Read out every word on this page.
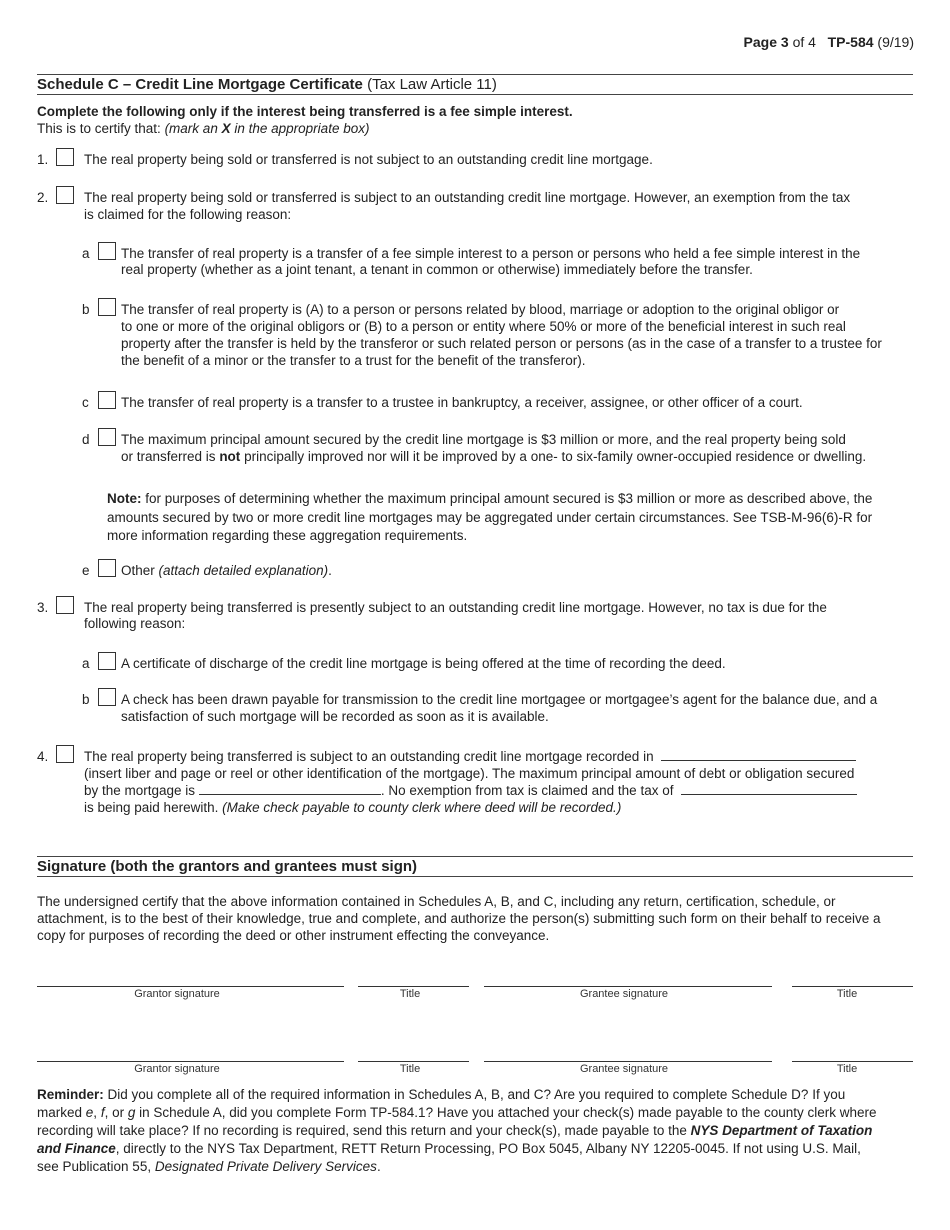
Page 3 of 4 TP-584 (9/19)
Schedule C – Credit Line Mortgage Certificate (Tax Law Article 11)
Complete the following only if the interest being transferred is a fee simple interest.
This is to certify that: (mark an X in the appropriate box)
1.	The real property being sold or transferred is not subject to an outstanding credit line mortgage.
2.	The real property being sold or transferred is subject to an outstanding credit line mortgage. However, an exemption from the tax
is claimed for the following reason:
a The transfer of real property is a transfer of a fee simple interest to a person or persons who held a fee simple interest in the
real property (whether as a joint tenant, a tenant in common or otherwise) immediately before the transfer.
b The transfer of real property is (A) to a person or persons related by blood, marriage or adoption to the original obligor or
to one or more of the original obligors or (B) to a person or entity where 50% or more of the beneficial interest in such real
property after the transfer is held by the transferor or such related person or persons (as in the case of a transfer to a trustee for
the benefit of a minor or the transfer to a trust for the benefit of the transferor).
c The transfer of real property is a transfer to a trustee in bankruptcy, a receiver, assignee, or other officer of a court.
d The maximum principal amount secured by the credit line mortgage is $3 million or more, and the real property being sold
or transferred is not principally improved nor will it be improved by a one- to six-family owner-occupied residence or dwelling.
Note: for purposes of determining whether the maximum principal amount secured is $3 million or more as described above, the
amounts secured by two or more credit line mortgages may be aggregated under certain circumstances. See TSB-M-96(6)-R for
more information regarding these aggregation requirements.
e Other (attach detailed explanation).
3.	The real property being transferred is presently subject to an outstanding credit line mortgage. However, no tax is due for the
following reason:
a A certificate of discharge of the credit line mortgage is being offered at the time of recording the deed.
b A check has been drawn payable for transmission to the credit line mortgagee or mortgagee’s agent for the balance due, and a
satisfaction of such mortgage will be recorded as soon as it is available.
4.	The real property being transferred is subject to an outstanding credit line mortgage recorded in
(insert liber and page or reel or other identification of the mortgage). The maximum principal amount of debt or obligation secured
by the mortgage is	. No exemption from tax is claimed and the tax of
is being paid herewith. (Make check payable to county clerk where deed will be recorded.)
Signature (both the grantors and grantees must sign)
The undersigned certify that the above information contained in Schedules A, B, and C, including any return, certification, schedule, or
attachment, is to the best of their knowledge, true and complete, and authorize the person(s) submitting such form on their behalf to receive a
copy for purposes of recording the deed or other instrument effecting the conveyance.
Grantor signature	Title	Grantee signature	Title
Grantor signature	Title	Grantee signature	Title
Reminder: Did you complete all of the required information in Schedules A, B, and C? Are you required to complete Schedule D? If you
marked e, f, or g in Schedule A, did you complete Form TP-584.1? Have you attached your check(s) made payable to the county clerk where
recording will take place? If no recording is required, send this return and your check(s), made payable to the NYS Department of Taxation
and Finance, directly to the NYS Tax Department, RETT Return Processing, PO Box 5045, Albany NY 12205-0045. If not using U.S. Mail,
see Publication 55, Designated Private Delivery Services.
